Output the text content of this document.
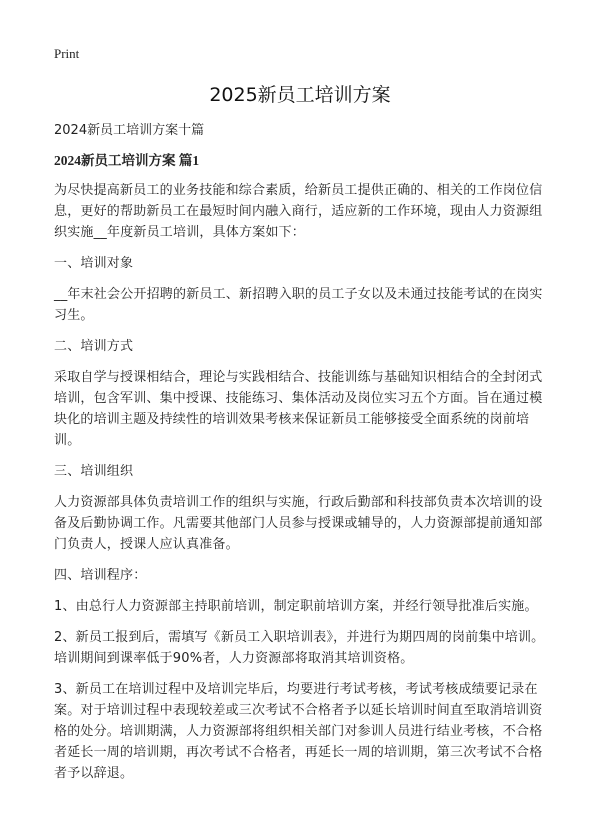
Print
2025新员工培训方案

2024新员工培训方案十篇

2024新员工培训方案 篇1

为尽快提高新员工的业务技能和综合素质，给新员工提供正确的、相关的工作岗位信息，更好的帮助新员工在最短时间内融入商行，适应新的工作环境，现由人力资源组织实施__年度新员工培训，具体方案如下：

一、培训对象

__年末社会公开招聘的新员工、新招聘入职的员工子女以及未通过技能考试的在岗实习生。

二、培训方式

采取自学与授课相结合，理论与实践相结合、技能训练与基础知识相结合的全封闭式培训，包含军训、集中授课、技能练习、集体活动及岗位实习五个方面。旨在通过模块化的培训主题及持续性的培训效果考核来保证新员工能够接受全面系统的岗前培训。

三、培训组织

人力资源部具体负责培训工作的组织与实施，行政后勤部和科技部负责本次培训的设备及后勤协调工作。凡需要其他部门人员参与授课或辅导的，人力资源部提前通知部门负责人，授课人应认真准备。

四、培训程序：

1、由总行人力资源部主持职前培训，制定职前培训方案，并经行领导批准后实施。

2、新员工报到后，需填写《新员工入职培训表》，并进行为期四周的岗前集中培训。培训期间到课率低于90%者，人力资源部将取消其培训资格。

3、新员工在培训过程中及培训完毕后，均要进行考试考核，考试考核成绩要记录在案。对于培训过程中表现较差或三次考试不合格者予以延长培训时间直至取消培训资格的处分。培训期满，人力资源部将组织相关部门对参训人员进行结业考核，不合格者延长一周的培训期，再次考试不合格者，再延长一周的培训期，第三次考试不合格者予以辞退。
